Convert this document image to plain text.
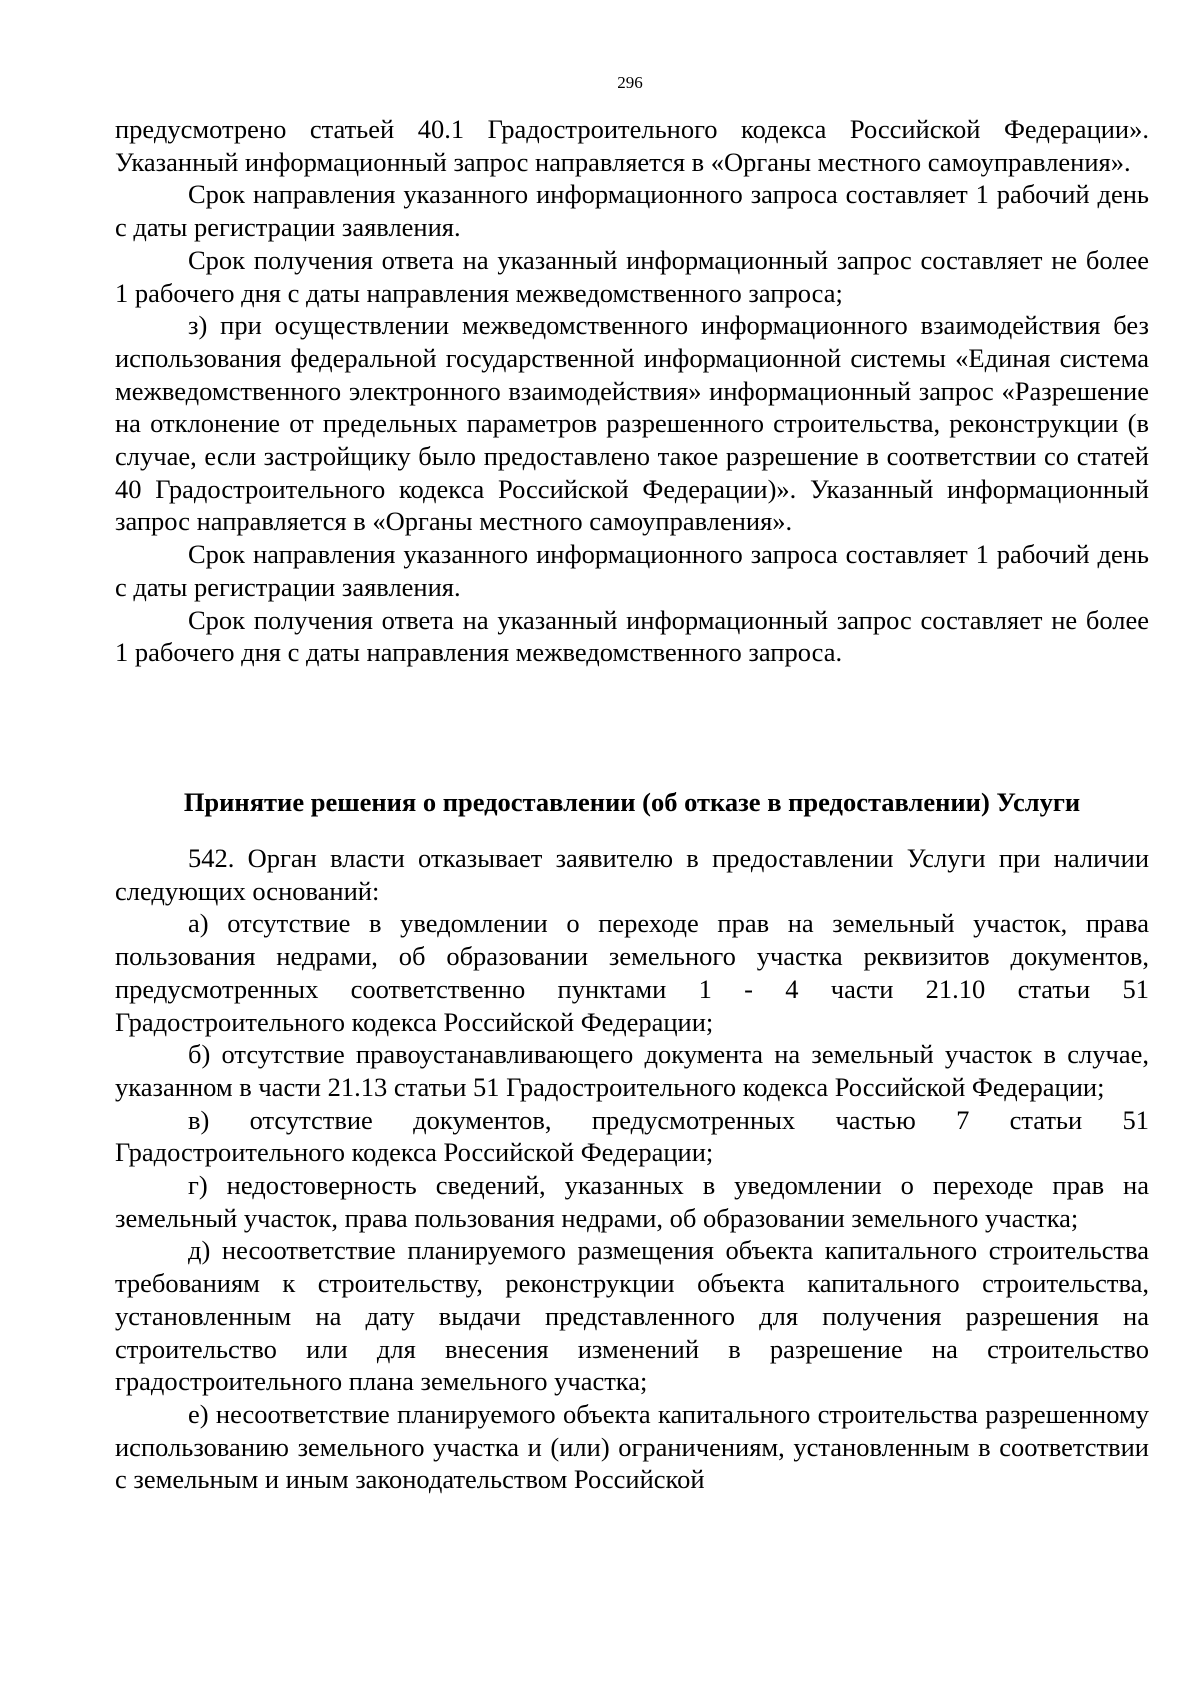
296

предусмотрено статьей 40.1 Градостроительного кодекса Российской Федерации». Указанный информационный запрос направляется в «Органы местного самоуправления».

Срок направления указанного информационного запроса составляет 1 рабочий день с даты регистрации заявления.

Срок получения ответа на указанный информационный запрос составляет не более 1 рабочего дня с даты направления межведомственного запроса;

з) при осуществлении межведомственного информационного взаимодействия без использования федеральной государственной информационной системы «Единая система межведомственного электронного взаимодействия» информационный запрос «Разрешение на отклонение от предельных параметров разрешенного строительства, реконструкции (в случае, если застройщику было предоставлено такое разрешение в соответствии со статей 40 Градостроительного кодекса Российской Федерации)». Указанный информационный запрос направляется в «Органы местного самоуправления».

Срок направления указанного информационного запроса составляет 1 рабочий день с даты регистрации заявления.

Срок получения ответа на указанный информационный запрос составляет не более 1 рабочего дня с даты направления межведомственного запроса.

Принятие решения о предоставлении (об отказе в предоставлении) Услуги

542. Орган власти отказывает заявителю в предоставлении Услуги при наличии следующих оснований:

а) отсутствие в уведомлении о переходе прав на земельный участок, права пользования недрами, об образовании земельного участка реквизитов документов, предусмотренных соответственно пунктами 1 - 4 части 21.10 статьи 51 Градостроительного кодекса Российской Федерации;

б) отсутствие правоустанавливающего документа на земельный участок в случае, указанном в части 21.13 статьи 51 Градостроительного кодекса Российской Федерации;

в) отсутствие документов, предусмотренных частью 7 статьи 51 Градостроительного кодекса Российской Федерации;

г) недостоверность сведений, указанных в уведомлении о переходе прав на земельный участок, права пользования недрами, об образовании земельного участка;

д) несоответствие планируемого размещения объекта капитального строительства требованиям к строительству, реконструкции объекта капитального строительства, установленным на дату выдачи представленного для получения разрешения на строительство или для внесения изменений в разрешение на строительство градостроительного плана земельного участка;

е) несоответствие планируемого объекта капитального строительства разрешенному использованию земельного участка и (или) ограничениям, установленным в соответствии с земельным и иным законодательством Российской
